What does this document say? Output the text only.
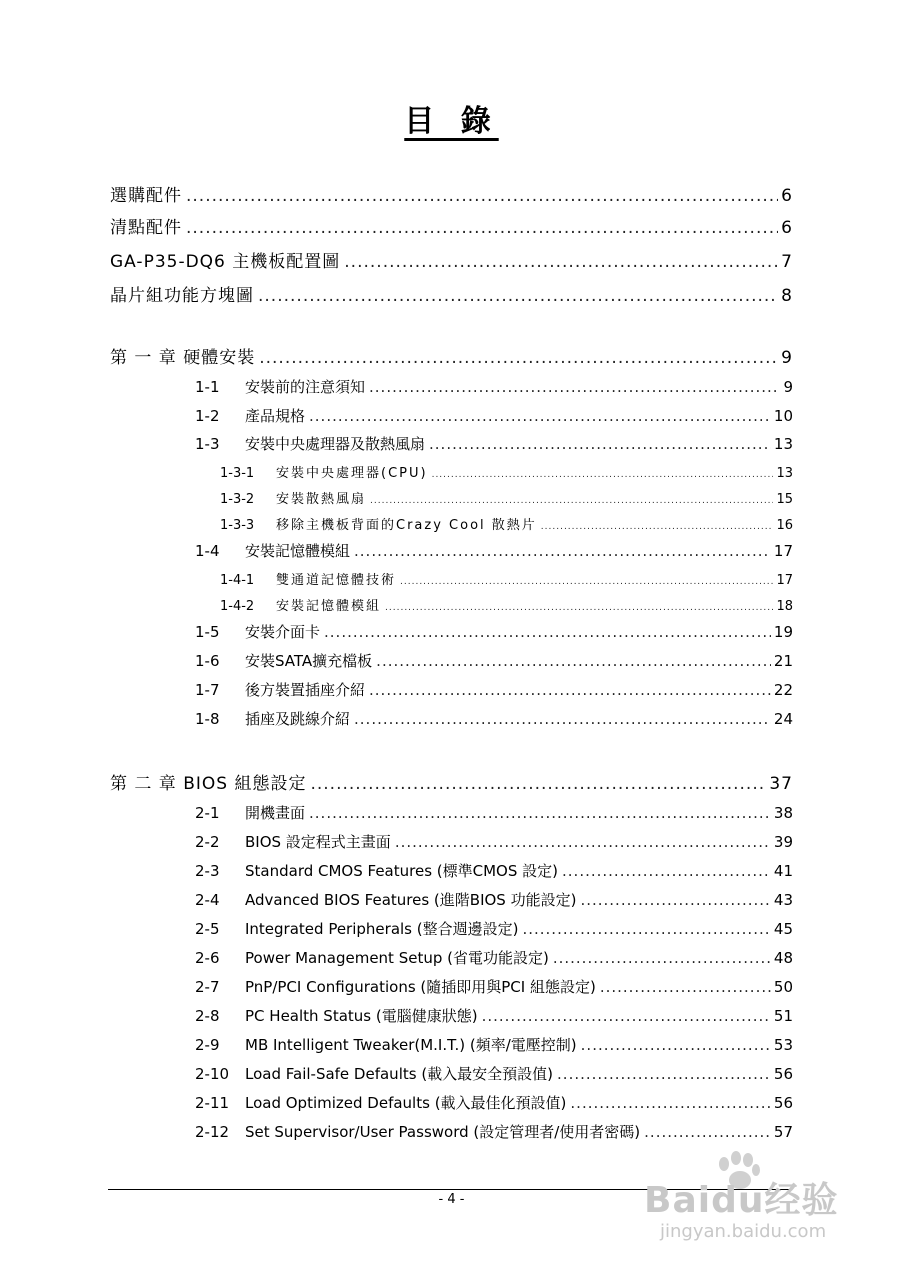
目 錄
選購配件 .....	6
清點配件 .....	6
GA-P35-DQ6 主機板配置圖 .....	7
晶片組功能方塊圖 .....	8
第 一 章 硬體安裝 .....	9
1-1	安裝前的注意須知 .....	9
1-2	產品規格 .....	10
1-3	安裝中央處理器及散熱風扇 .....	13
1-3-1	安裝中央處理器(CPU) .....	13
1-3-2	安裝散熱風扇 .....	15
1-3-3	移除主機板背面的Crazy Cool 散熱片 .....	16
1-4	安裝記憶體模組 .....	17
1-4-1	雙通道記憶體技術 .....	17
1-4-2	安裝記憶體模組 .....	18
1-5	安裝介面卡 .....	19
1-6	安裝SATA擴充檔板 .....	21
1-7	後方裝置插座介紹 .....	22
1-8	插座及跳線介紹 .....	24
第 二 章 BIOS 組態設定 .....	37
2-1	開機畫面 .....	38
2-2	BIOS 設定程式主畫面 .....	39
2-3	Standard CMOS Features (標準CMOS 設定) .....	41
2-4	Advanced BIOS Features (進階BIOS 功能設定) .....	43
2-5	Integrated Peripherals (整合週邊設定) .....	45
2-6	Power Management Setup (省電功能設定) .....	48
2-7	PnP/PCI Configurations (隨插即用與PCI 組態設定) .....	50
2-8	PC Health Status (電腦健康狀態) .....	51
2-9	MB Intelligent Tweaker(M.I.T.) (頻率/電壓控制) .....	53
2-10	Load Fail-Safe Defaults (載入最安全預設值) .....	56
2-11	Load Optimized Defaults (載入最佳化預設值) .....	56
2-12	Set Supervisor/User Password (設定管理者/使用者密碼) .....	57
- 4 -	Baidu经验
jingyan.baidu.com
